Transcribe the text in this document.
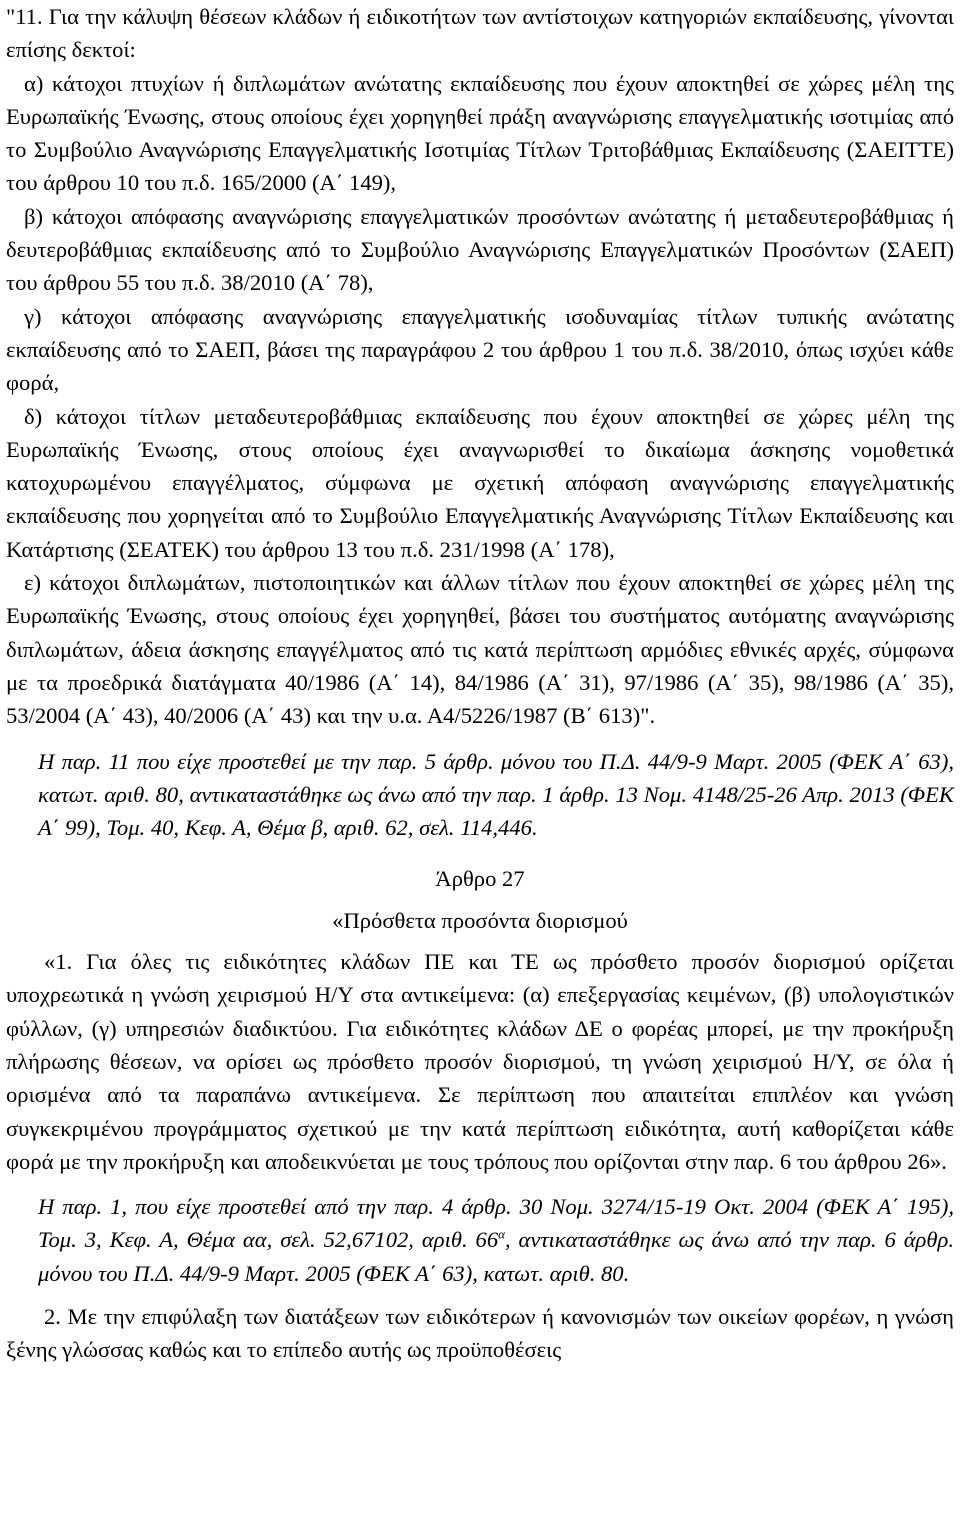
"11. Για την κάλυψη θέσεων κλάδων ή ειδικοτήτων των αντίστοιχων κατηγοριών εκπαίδευσης, γίνονται επίσης δεκτοί:

α) κάτοχοι πτυχίων ή διπλωμάτων ανώτατης εκπαίδευσης που έχουν αποκτηθεί σε χώρες μέλη της Ευρωπαϊκής Ένωσης, στους οποίους έχει χορηγηθεί πράξη αναγνώρισης επαγγελματικής ισοτιμίας από το Συμβούλιο Αναγνώρισης Επαγγελματικής Ισοτιμίας Τίτλων Τριτοβάθμιας Εκπαίδευσης (ΣΑΕΙΤΤΕ) του άρθρου 10 του π.δ. 165/2000 (Α΄ 149),

β) κάτοχοι απόφασης αναγνώρισης επαγγελματικών προσόντων ανώτατης ή μεταδευτεροβάθμιας ή δευτεροβάθμιας εκπαίδευσης από το Συμβούλιο Αναγνώρισης Επαγγελματικών Προσόντων (ΣΑΕΠ) του άρθρου 55 του π.δ. 38/2010 (Α΄ 78),

γ) κάτοχοι απόφασης αναγνώρισης επαγγελματικής ισοδυναμίας τίτλων τυπικής ανώτατης εκπαίδευσης από το ΣΑΕΠ, βάσει της παραγράφου 2 του άρθρου 1 του π.δ. 38/2010, όπως ισχύει κάθε φορά,

δ) κάτοχοι τίτλων μεταδευτεροβάθμιας εκπαίδευσης που έχουν αποκτηθεί σε χώρες μέλη της Ευρωπαϊκής Ένωσης, στους οποίους έχει αναγνωρισθεί το δικαίωμα άσκησης νομοθετικά κατοχυρωμένου επαγγέλματος, σύμφωνα με σχετική απόφαση αναγνώρισης επαγγελματικής εκπαίδευσης που χορηγείται από το Συμβούλιο Επαγγελματικής Αναγνώρισης Τίτλων Εκπαίδευσης και Κατάρτισης (ΣΕΑΤΕΚ) του άρθρου 13 του π.δ. 231/1998 (Α΄ 178),

ε) κάτοχοι διπλωμάτων, πιστοποιητικών και άλλων τίτλων που έχουν αποκτηθεί σε χώρες μέλη της Ευρωπαϊκής Ένωσης, στους οποίους έχει χορηγηθεί, βάσει του συστήματος αυτόματης αναγνώρισης διπλωμάτων, άδεια άσκησης επαγγέλματος από τις κατά περίπτωση αρμόδιες εθνικές αρχές, σύμφωνα με τα προεδρικά διατάγματα 40/1986 (Α΄ 14), 84/1986 (Α΄ 31), 97/1986 (Α΄ 35), 98/1986 (Α΄ 35), 53/2004 (Α΄ 43), 40/2006 (Α΄ 43) και την υ.α. Α4/5226/1987 (Β΄ 613)".

Η παρ. 11 που είχε προστεθεί με την παρ. 5 άρθρ. μόνου του Π.Δ. 44/9-9 Μαρτ. 2005 (ΦΕΚ Α΄ 63), κατωτ. αριθ. 80, αντικαταστάθηκε ως άνω από την παρ. 1 άρθρ. 13 Νομ. 4148/25-26 Απρ. 2013 (ΦΕΚ Α΄ 99), Τομ. 40, Κεφ. Α, Θέμα β, αριθ. 62, σελ. 114,446.

Άρθρο 27

«Πρόσθετα προσόντα διορισμού

«1. Για όλες τις ειδικότητες κλάδων ΠΕ και ΤΕ ως πρόσθετο προσόν διορισμού ορίζεται υποχρεωτικά η γνώση χειρισμού Η/Υ στα αντικείμενα: (α) επεξεργασίας κειμένων, (β) υπολογιστικών φύλλων, (γ) υπηρεσιών διαδικτύου. Για ειδικότητες κλάδων ΔΕ ο φορέας μπορεί, με την προκήρυξη πλήρωσης θέσεων, να ορίσει ως πρόσθετο προσόν διορισμού, τη γνώση χειρισμού Η/Υ, σε όλα ή ορισμένα από τα παραπάνω αντικείμενα. Σε περίπτωση που απαιτείται επιπλέον και γνώση συγκεκριμένου προγράμματος σχετικού με την κατά περίπτωση ειδικότητα, αυτή καθορίζεται κάθε φορά με την προκήρυξη και αποδεικνύεται με τους τρόπους που ορίζονται στην παρ. 6 του άρθρου 26».

Η παρ. 1, που είχε προστεθεί από την παρ. 4 άρθρ. 30 Νομ. 3274/15-19 Οκτ. 2004 (ΦΕΚ Α΄ 195), Τομ. 3, Κεφ. Α, Θέμα αα, σελ. 52,67102, αριθ. $66^\alpha$, αντικαταστάθηκε ως άνω από την παρ. 6 άρθρ. μόνου του Π.Δ. 44/9-9 Μαρτ. 2005 (ΦΕΚ Α΄ 63), κατωτ. αριθ. 80.

2. Με την επιφύλαξη των διατάξεων των ειδικότερων ή κανονισμών των οικείων φορέων, η γνώση ξένης γλώσσας καθώς και το επίπεδο αυτής ως προϋποθέσεις
